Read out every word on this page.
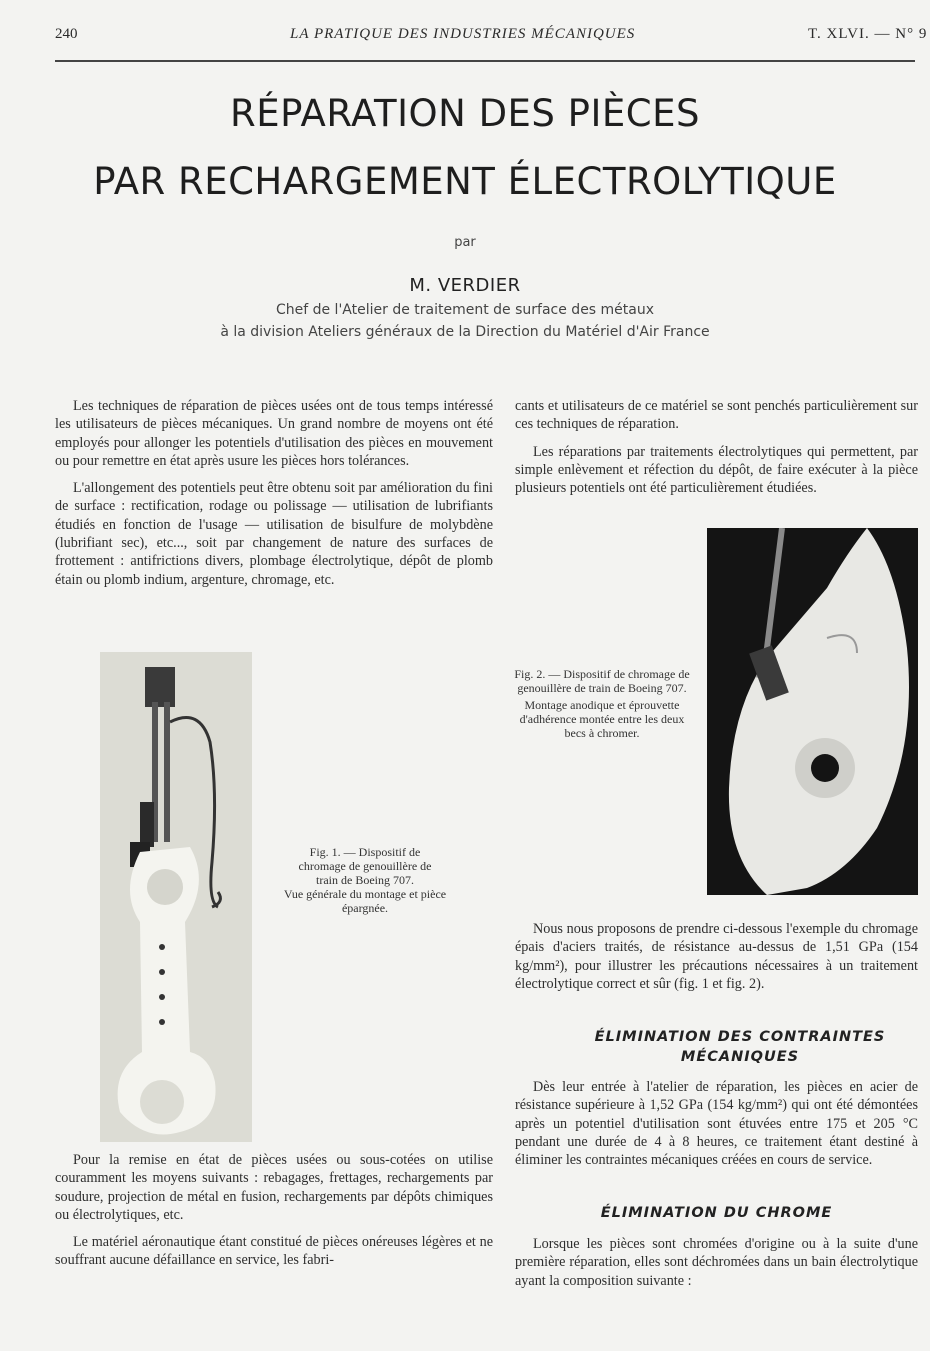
240	LA PRATIQUE DES INDUSTRIES MÉCANIQUES	T. XLVI. — N° 9
RÉPARATION DES PIÈCES
PAR RECHARGEMENT ÉLECTROLYTIQUE
par
M. VERDIER
Chef de l'Atelier de traitement de surface des métaux
à la division Ateliers généraux de la Direction du Matériel d'Air France

Les techniques de réparation de pièces usées ont de tous temps intéressé les utilisateurs de pièces mécaniques. Un grand nombre de moyens ont été employés pour allonger les potentiels d'utilisation des pièces en mouvement ou pour remettre en état après usure les pièces hors tolérances.

L'allongement des potentiels peut être obtenu soit par amélioration du fini de surface : rectification, rodage ou polissage — utilisation de lubrifiants étudiés en fonction de l'usage — utilisation de bisulfure de molybdène (lubrifiant sec), etc..., soit par changement de nature des surfaces de frottement : antifrictions divers, plombage électrolytique, dépôt de plomb étain ou plomb indium, argenture, chromage, etc.

Fig. 1. — Dispositif de chromage de genouillère de train de Boeing 707.
Vue générale du montage et pièce épargnée.

Pour la remise en état de pièces usées ou sous-cotées on utilise couramment les moyens suivants : rebagages, frettages, rechargements par soudure, projection de métal en fusion, rechargements par dépôts chimiques ou électrolytiques, etc.

Le matériel aéronautique étant constitué de pièces onéreuses légères et ne souffrant aucune défaillance en service, les fabri-

cants et utilisateurs de ce matériel se sont penchés particulièrement sur ces techniques de réparation.

Les réparations par traitements électrolytiques qui permettent, par simple enlèvement et réfection du dépôt, de faire exécuter à la pièce plusieurs potentiels ont été particulièrement étudiées.

Fig. 2. — Dispositif de chromage de genouillère de train de Boeing 707.
Montage anodique et éprouvette d'adhérence montée entre les deux becs à chromer.

Nous nous proposons de prendre ci-dessous l'exemple du chromage épais d'aciers traités, de résistance au-dessus de 1,51 GPa (154 kg/mm²), pour illustrer les précautions nécessaires à un traitement électrolytique correct et sûr (fig. 1 et fig. 2).

ÉLIMINATION DES CONTRAINTES MÉCANIQUES

Dès leur entrée à l'atelier de réparation, les pièces en acier de résistance supérieure à 1,52 GPa (154 kg/mm²) qui ont été démontées après un potentiel d'utilisation sont étuvées entre 175 et 205 °C pendant une durée de 4 à 8 heures, ce traitement étant destiné à éliminer les contraintes mécaniques créées en cours de service.

ÉLIMINATION DU CHROME

Lorsque les pièces sont chromées d'origine ou à la suite d'une première réparation, elles sont déchromées dans un bain électrolytique ayant la composition suivante :
